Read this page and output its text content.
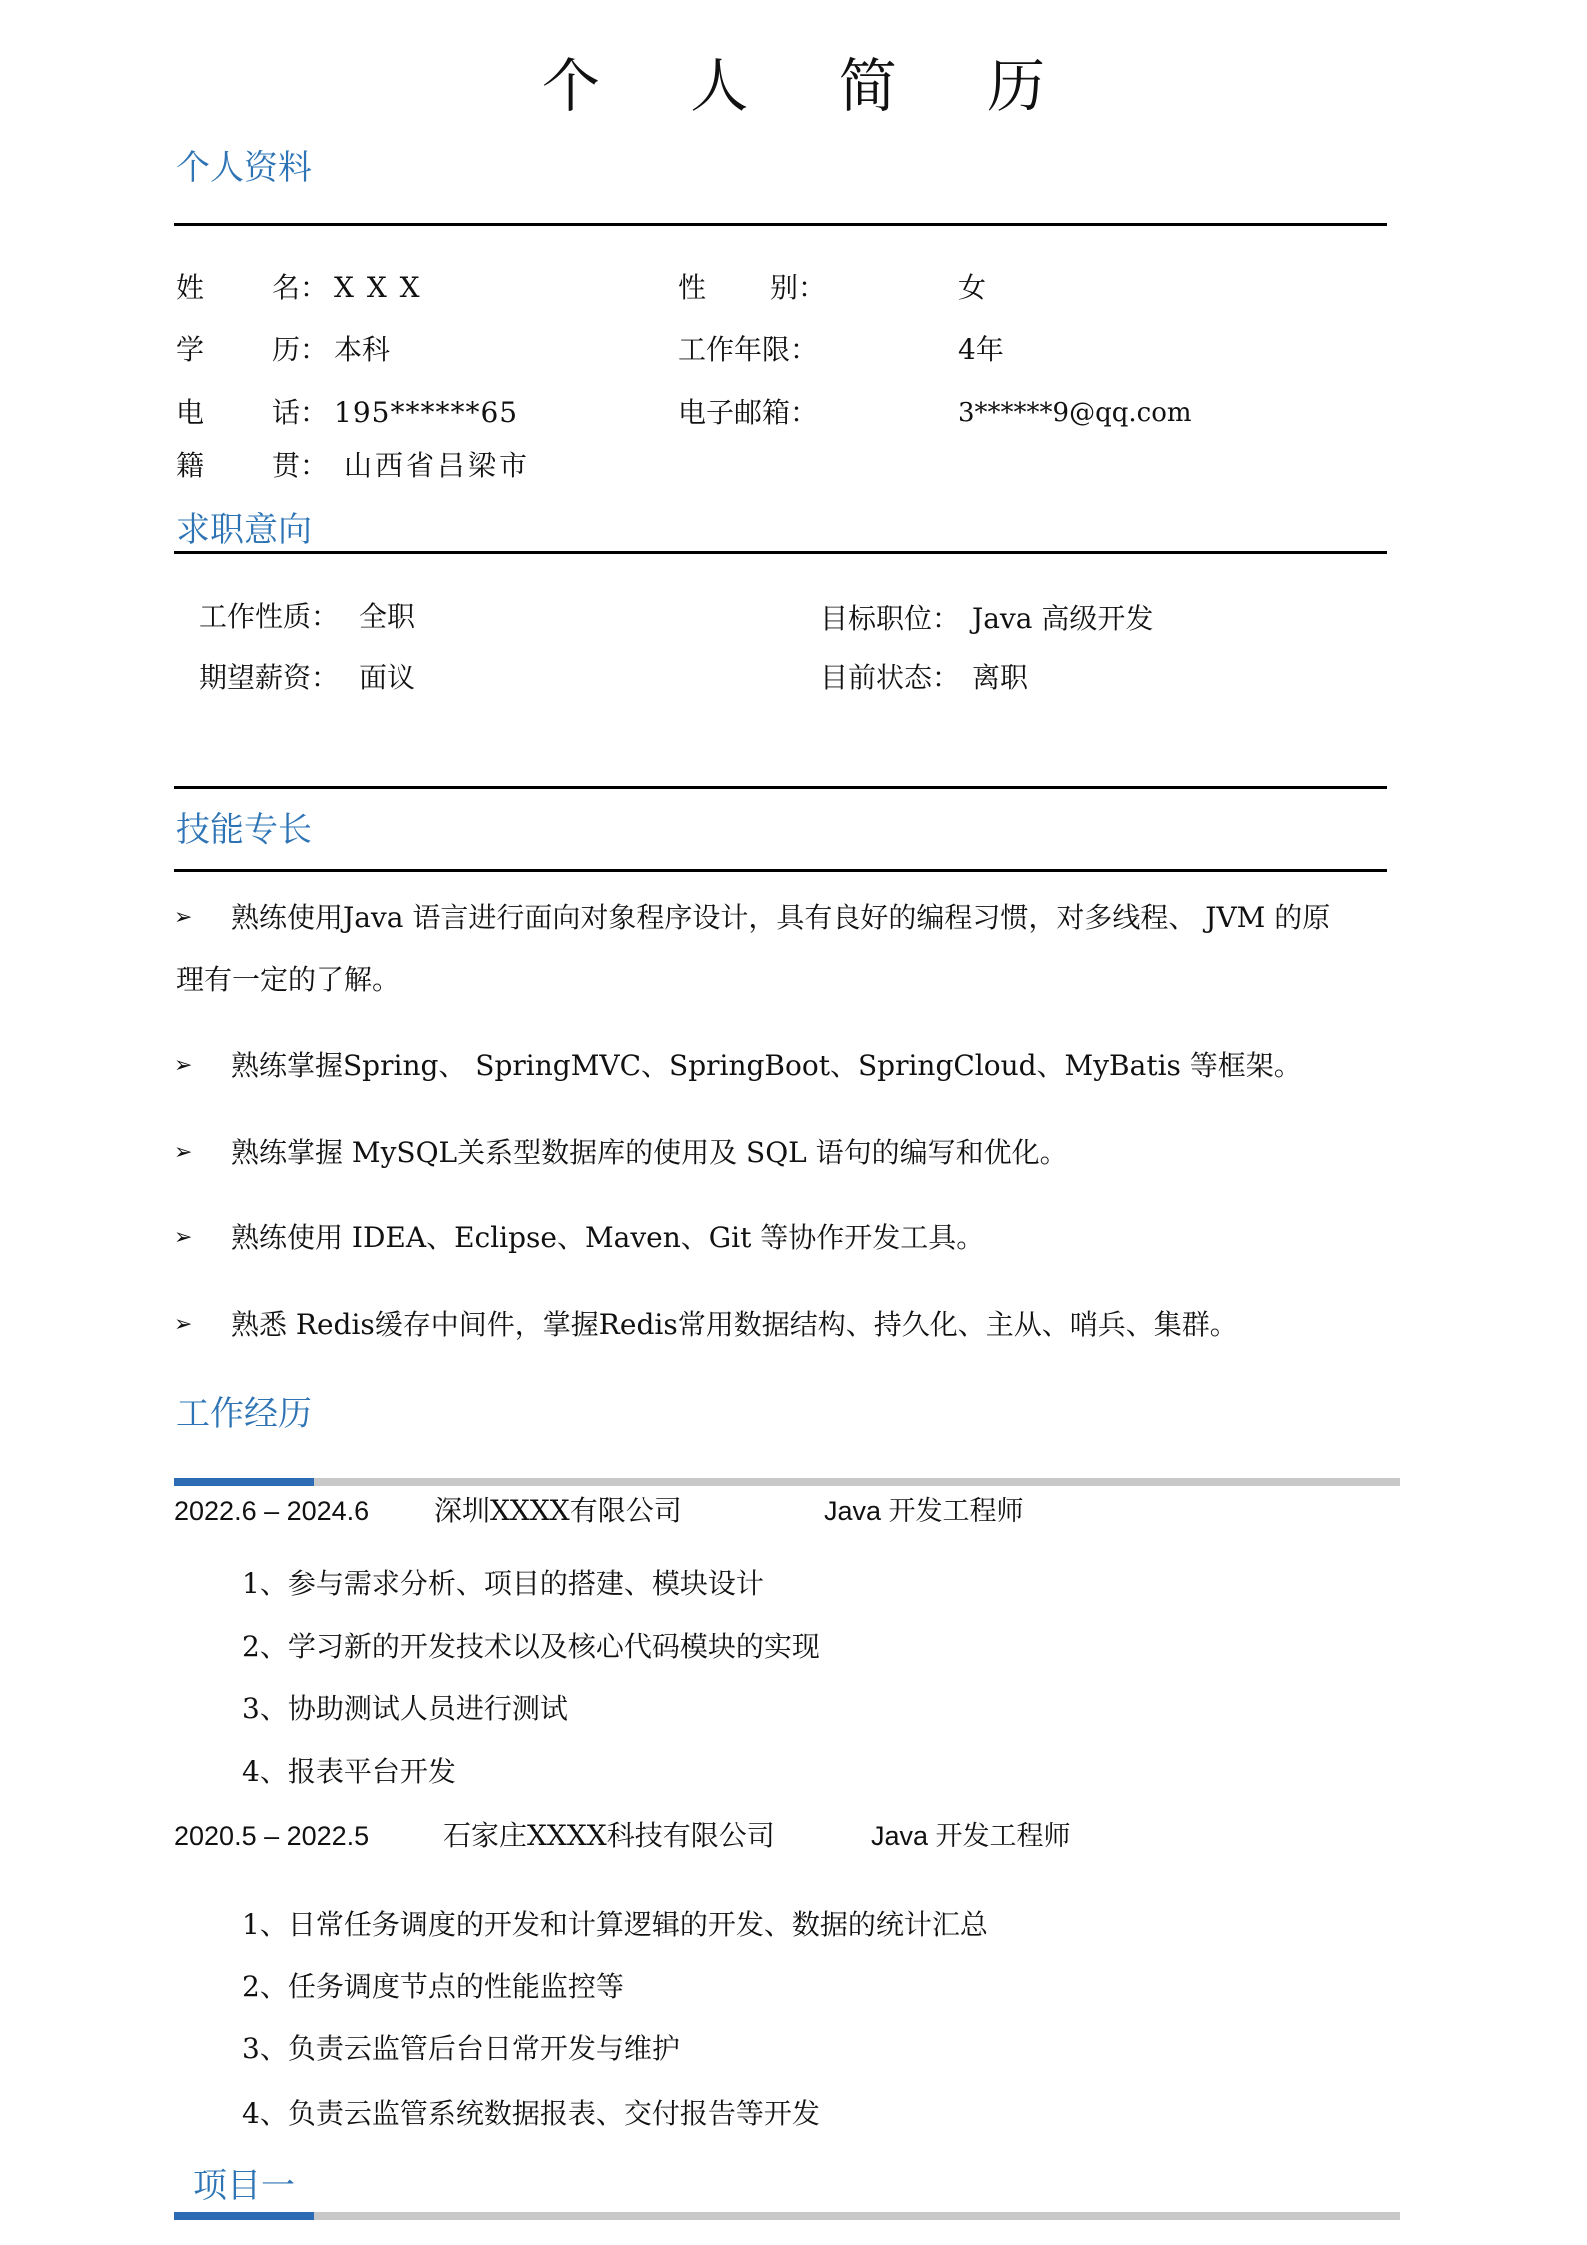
个 人 简 历
个人资料
姓 名： X X X	性 别：	女
学 历： 本科	工作年限：	4年
电 话： 195******65	电子邮箱：	3******9@qq.com
籍 贯： 山西省吕梁市
求职意向
工作性质： 全职	目标职位： Java 高级开发
期望薪资： 面议	目前状态： 离职
技能专长
➢ 熟练使用Java 语言进行面向对象程序设计，具有良好的编程习惯，对多线程、 JVM 的原
理有一定的了解。
➢ 熟练掌握Spring、 SpringMVC、SpringBoot、SpringCloud、MyBatis 等框架。
➢ 熟练掌握 MySQL关系型数据库的使用及 SQL 语句的编写和优化。
➢ 熟练使用 IDEA、Eclipse、Maven、Git 等协作开发工具。
➢ 熟悉 Redis缓存中间件，掌握Redis常用数据结构、持久化、主从、哨兵、集群。
工作经历
2022.6 – 2024.6 深圳XXXX有限公司	Java 开发工程师
1、参与需求分析、项目的搭建、模块设计
2、学习新的开发技术以及核心代码模块的实现
3、协助测试人员进行测试
4、报表平台开发
2020.5 – 2022.5	石家庄XXXX科技有限公司	Java 开发工程师
1、日常任务调度的开发和计算逻辑的开发、数据的统计汇总
2、任务调度节点的性能监控等
3、负责云监管后台日常开发与维护
4、负责云监管系统数据报表、交付报告等开发
项目一
